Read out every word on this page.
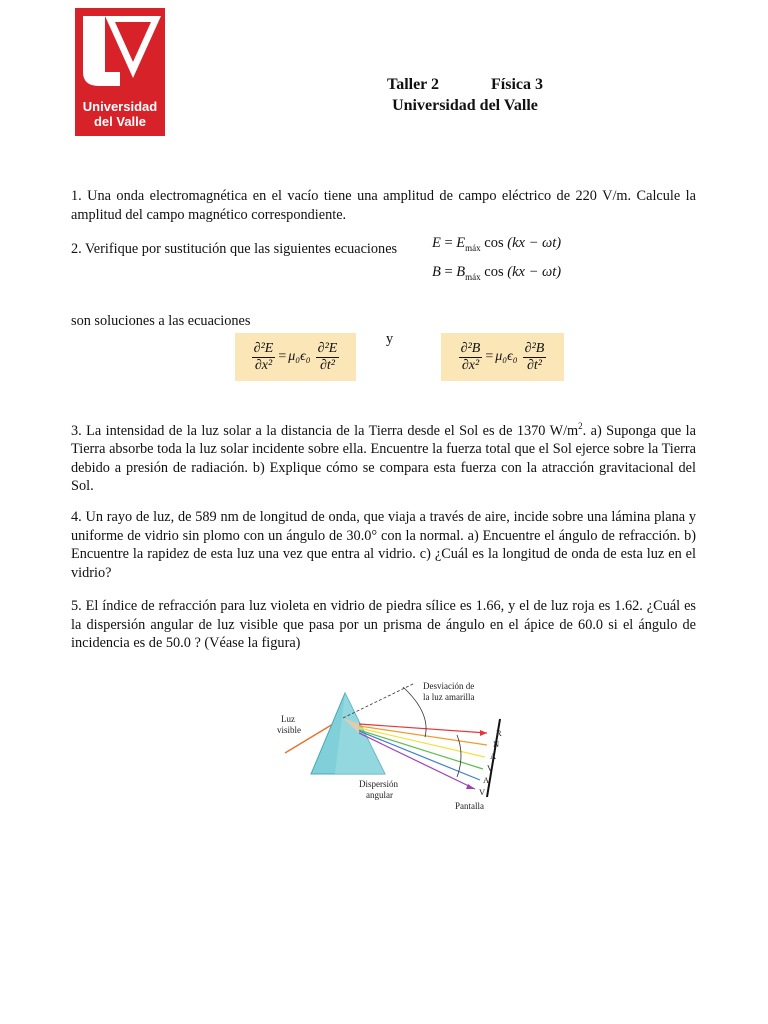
Universidad
del Valle
Taller 2	Física 3
Universidad del Valle
1. Una onda electromagnética en el vacío tiene una amplitud de campo eléctrico de 220 V/m. Calcule la amplitud del campo magnético correspondiente.
2. Verifique por sustitución que las siguientes ecuaciones	$E = E_{máx}$ cos (kx − ωt)
$B = B_{máx}$ cos (kx − ωt)
son soluciones a las ecuaciones
$\frac{\text{∂²E}}{\text{∂x²}} = \mu_0\epsilon_0 \frac{\text{∂²E}}{\text{∂t²}}$
y
$\frac{\text{∂²B}}{\text{∂x²}} = \mu_0\epsilon_0 \frac{\text{∂²B}}{\text{∂t²}}$
3. La intensidad de la luz solar a la distancia de la Tierra desde el Sol es de 1370 $W/m^2$. a) Suponga que la Tierra absorbe toda la luz solar incidente sobre ella. Encuentre la fuerza total que el Sol ejerce sobre la Tierra debido a presión de radiación. b) Explique cómo se compara esta fuerza con la atracción gravitacional del Sol.
4. Un rayo de luz, de 589 nm de longitud de onda, que viaja a través de aire, incide sobre una lámina plana y uniforme de vidrio sin plomo con un ángulo de 30.0° con la normal. a) Encuentre el ángulo de refracción. b) Encuentre la rapidez de esta luz una vez que entra al vidrio. c) ¿Cuál es la longitud de onda de esta luz en el vidrio?
5. El índice de refracción para luz violeta en vidrio de piedra sílice es 1.66, y el de luz roja es 1.62. ¿Cuál es la dispersión angular de luz visible que pasa por un prisma de ángulo en el ápice de 60.0 si el ángulo de incidencia es de 50.0 ? (Véase la figura)
Luz
visible
Desviación de
la luz amarilla
Dispersión
angular
Pantalla
R
N
A
V
A
V
